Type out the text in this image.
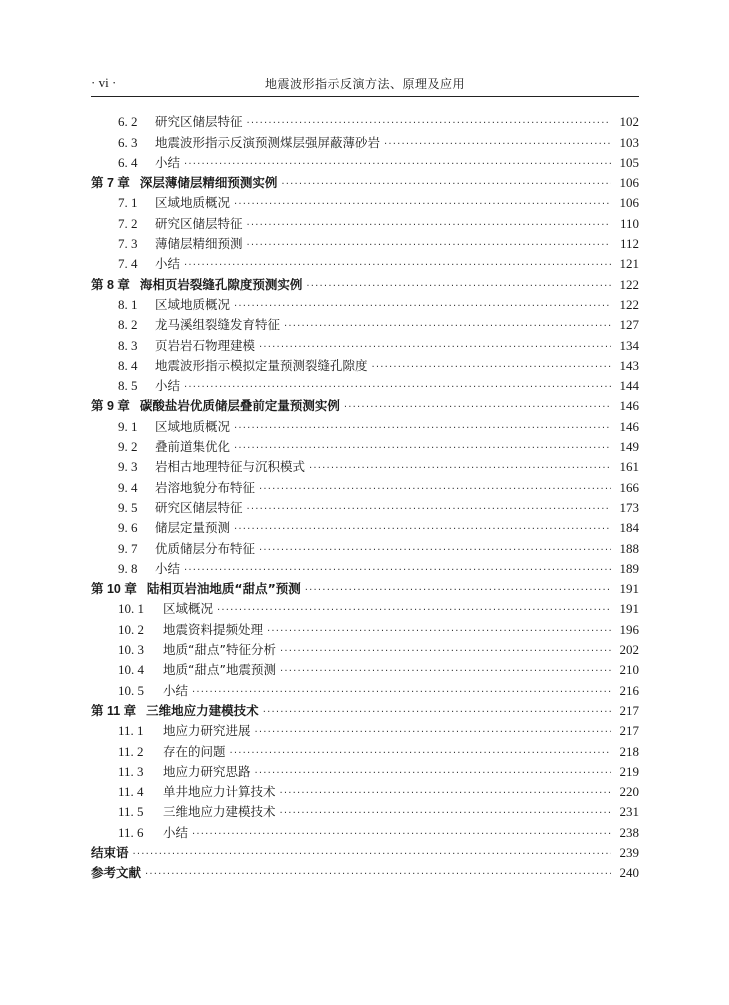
· vi ·	地震波形指示反演方法、原理及应用
6. 2	研究区储层特征 ·····	102
6. 3	地震波形指示反演预测煤层强屏蔽薄砂岩 ·····	103
6. 4	小结 ·····	105
第 7 章 深层薄储层精细预测实例 ·····	106
7. 1	区域地质概况 ·····	106
7. 2	研究区储层特征 ·····	110
7. 3	薄储层精细预测 ·····	112
7. 4	小结 ·····	121
第 8 章 海相页岩裂缝孔隙度预测实例 ·····	122
8. 1	区域地质概况 ·····	122
8. 2	龙马溪组裂缝发育特征 ·····	127
8. 3	页岩岩石物理建模 ·····	134
8. 4	地震波形指示模拟定量预测裂缝孔隙度 ·····	143
8. 5	小结 ·····	144
第 9 章 碳酸盐岩优质储层叠前定量预测实例 ·····	146
9. 1	区域地质概况 ·····	146
9. 2	叠前道集优化 ·····	149
9. 3	岩相古地理特征与沉积模式 ·····	161
9. 4	岩溶地貌分布特征 ·····	166
9. 5	研究区储层特征 ·····	173
9. 6	储层定量预测 ·····	184
9. 7	优质储层分布特征 ·····	188
9. 8	小结 ·····	189
第 10 章 陆相页岩油地质“甜点”预测 ·····	191
10. 1	区域概况 ·····	191
10. 2	地震资料提频处理 ·····	196
10. 3	地质“甜点”特征分析 ·····	202
10. 4	地质“甜点”地震预测 ·····	210
10. 5	小结 ·····	216
第 11 章 三维地应力建模技术 ·····	217
11. 1	地应力研究进展 ·····	217
11. 2	存在的问题 ·····	218
11. 3	地应力研究思路 ·····	219
11. 4	单井地应力计算技术 ·····	220
11. 5	三维地应力建模技术 ·····	231
11. 6	小结 ·····	238
结束语 ·····	239
参考文献 ·····	240
